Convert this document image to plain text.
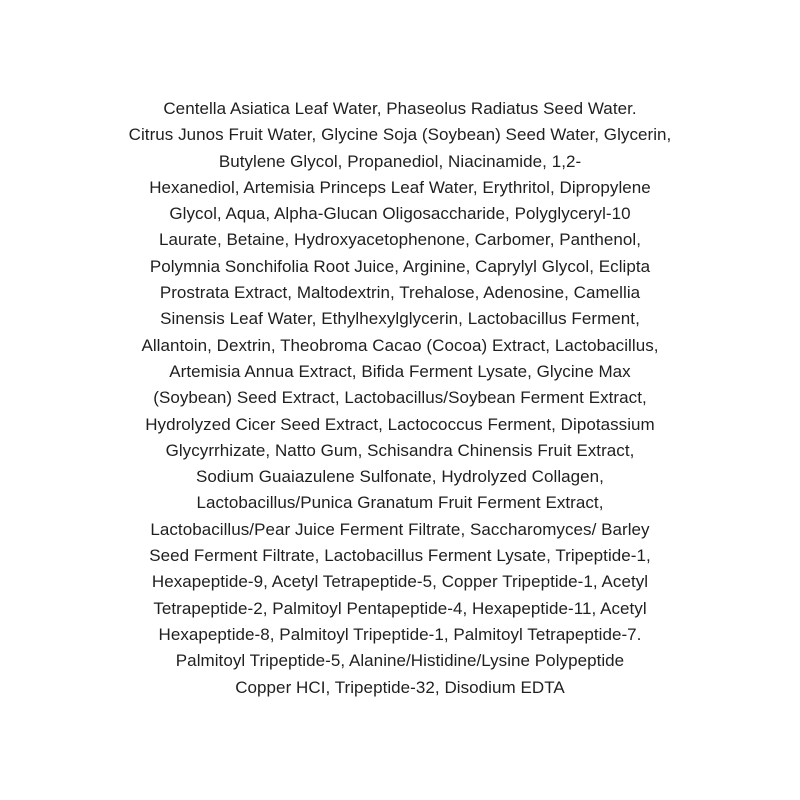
Centella Asiatica Leaf Water, Phaseolus Radiatus Seed Water.
Citrus Junos Fruit Water, Glycine Soja (Soybean) Seed Water, Glycerin,
Butylene Glycol, Propanediol, Niacinamide, 1,2-
Hexanediol, Artemisia Princeps Leaf Water, Erythritol, Dipropylene
Glycol, Aqua, Alpha-Glucan Oligosaccharide, Polyglyceryl-10
Laurate, Betaine, Hydroxyacetophenone, Carbomer, Panthenol,
Polymnia Sonchifolia Root Juice, Arginine, Caprylyl Glycol, Eclipta
Prostrata Extract, Maltodextrin, Trehalose, Adenosine, Camellia
Sinensis Leaf Water, Ethylhexylglycerin, Lactobacillus Ferment,
Allantoin, Dextrin, Theobroma Cacao (Cocoa) Extract, Lactobacillus,
Artemisia Annua Extract, Bifida Ferment Lysate, Glycine Max
(Soybean) Seed Extract, Lactobacillus/Soybean Ferment Extract,
Hydrolyzed Cicer Seed Extract, Lactococcus Ferment, Dipotassium
Glycyrrhizate, Natto Gum, Schisandra Chinensis Fruit Extract,
Sodium Guaiazulene Sulfonate, Hydrolyzed Collagen,
Lactobacillus/Punica Granatum Fruit Ferment Extract,
Lactobacillus/Pear Juice Ferment Filtrate, Saccharomyces/ Barley
Seed Ferment Filtrate, Lactobacillus Ferment Lysate, Tripeptide-1,
Hexapeptide-9, Acetyl Tetrapeptide-5, Copper Tripeptide-1, Acetyl
Tetrapeptide-2, Palmitoyl Pentapeptide-4, Hexapeptide-11, Acetyl
Hexapeptide-8, Palmitoyl Tripeptide-1, Palmitoyl Tetrapeptide-7.
Palmitoyl Tripeptide-5, Alanine/Histidine/Lysine Polypeptide
Copper HCI, Tripeptide-32, Disodium EDTA
